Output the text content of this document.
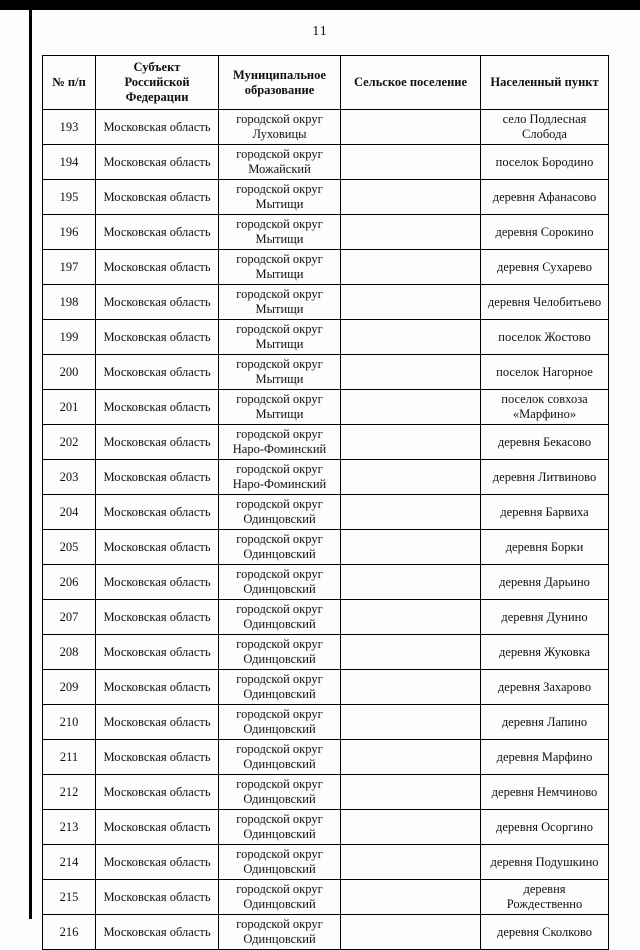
11
№ п/п	Субъект Российской Федерации	Муниципальное образование	Сельское поселение	Населенный пункт
193	Московская область	городской округ Луховицы		село Подлесная Слобода
194	Московская область	городской округ Можайский		поселок Бородино
195	Московская область	городской округ Мытищи		деревня Афанасово
196	Московская область	городской округ Мытищи		деревня Сорокино
197	Московская область	городской округ Мытищи		деревня Сухарево
198	Московская область	городской округ Мытищи		деревня Челобитьево
199	Московская область	городской округ Мытищи		поселок Жостово
200	Московская область	городской округ Мытищи		поселок Нагорное
201	Московская область	городской округ Мытищи		поселок совхоза «Марфино»
202	Московская область	городской округ Наро-Фоминский		деревня Бекасово
203	Московская область	городской округ Наро-Фоминский		деревня Литвиново
204	Московская область	городской округ Одинцовский		деревня Барвиха
205	Московская область	городской округ Одинцовский		деревня Борки
206	Московская область	городской округ Одинцовский		деревня Дарьино
207	Московская область	городской округ Одинцовский		деревня Дунино
208	Московская область	городской округ Одинцовский		деревня Жуковка
209	Московская область	городской округ Одинцовский		деревня Захарово
210	Московская область	городской округ Одинцовский		деревня Лапино
211	Московская область	городской округ Одинцовский		деревня Марфино
212	Московская область	городской округ Одинцовский		деревня Немчиново
213	Московская область	городской округ Одинцовский		деревня Осоргино
214	Московская область	городской округ Одинцовский		деревня Подушкино
215	Московская область	городской округ Одинцовский		деревня Рождественно
216	Московская область	городской округ Одинцовский		деревня Сколково
